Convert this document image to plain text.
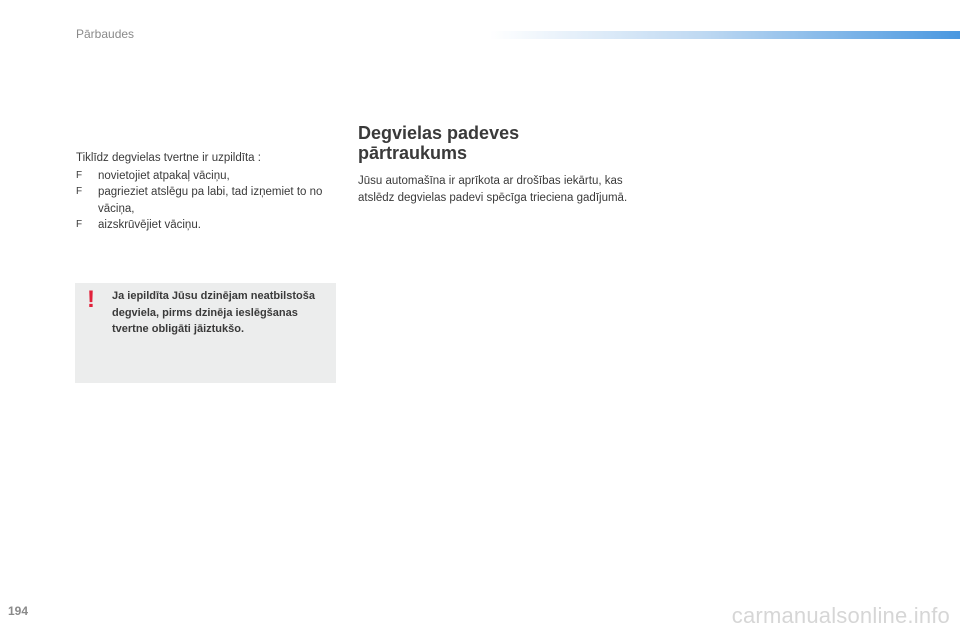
Pārbaudes

Tiklīdz degvielas tvertne ir uzpildīta :

F novietojiet atpakaļ vāciņu,
F pagrieziet atslēgu pa labi, tad izņemiet to no vāciņa,
F aizskrūvējiet vāciņu.
! Ja iepildīta Jūsu dzinējam neatbilstoša degviela, pirms dzinēja ieslēgšanas tvertne obligāti jāiztukšo.
Degvielas padeves pārtraukums

Jūsu automašīna ir aprīkota ar drošības iekārtu, kas atslēdz degvielas padevi spēcīga trieciena gadījumā.

194	carmanualsonline.info
